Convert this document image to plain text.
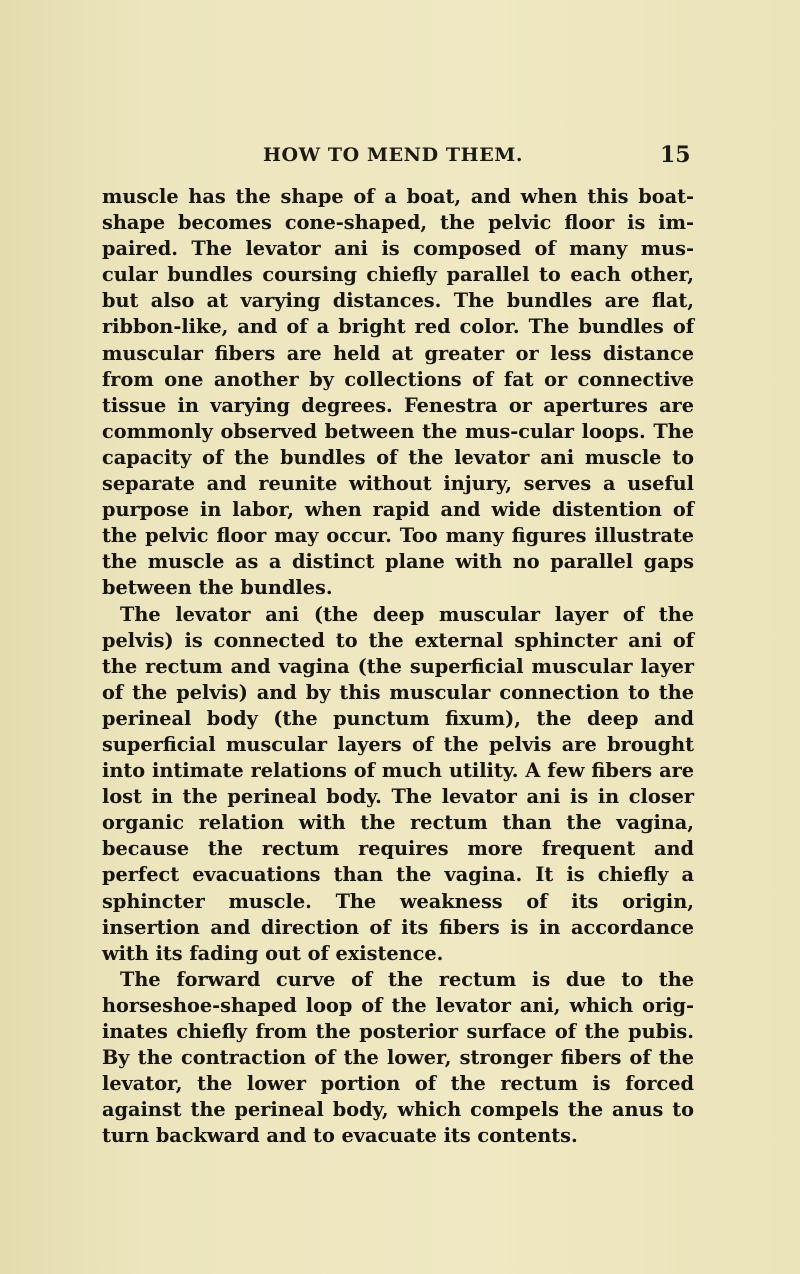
HOW TO MEND THEM.	15

muscle has the shape of a boat, and when this boat-shape becomes cone-shaped, the pelvic floor is im-paired. The levator ani is composed of many mus-cular bundles coursing chiefly parallel to each other, but also at varying distances. The bundles are flat, ribbon-like, and of a bright red color. The bundles of muscular fibers are held at greater or less distance from one another by collections of fat or connective tissue in varying degrees. Fenestra or apertures are commonly observed between the mus-cular loops. The capacity of the bundles of the levator ani muscle to separate and reunite without injury, serves a useful purpose in labor, when rapid and wide distention of the pelvic floor may occur. Too many figures illustrate the muscle as a distinct plane with no parallel gaps between the bundles.

The levator ani (the deep muscular layer of the pelvis) is connected to the external sphincter ani of the rectum and vagina (the superficial muscular layer of the pelvis) and by this muscular connection to the perineal body (the punctum fixum), the deep and superficial muscular layers of the pelvis are brought into intimate relations of much utility. A few fibers are lost in the perineal body. The levator ani is in closer organic relation with the rectum than the vagina, because the rectum requires more frequent and perfect evacuations than the vagina. It is chiefly a sphincter muscle. The weakness of its origin, insertion and direction of its fibers is in accordance with its fading out of existence.

The forward curve of the rectum is due to the horseshoe-shaped loop of the levator ani, which orig-inates chiefly from the posterior surface of the pubis. By the contraction of the lower, stronger fibers of the levator, the lower portion of the rectum is forced against the perineal body, which compels the anus to turn backward and to evacuate its contents.
